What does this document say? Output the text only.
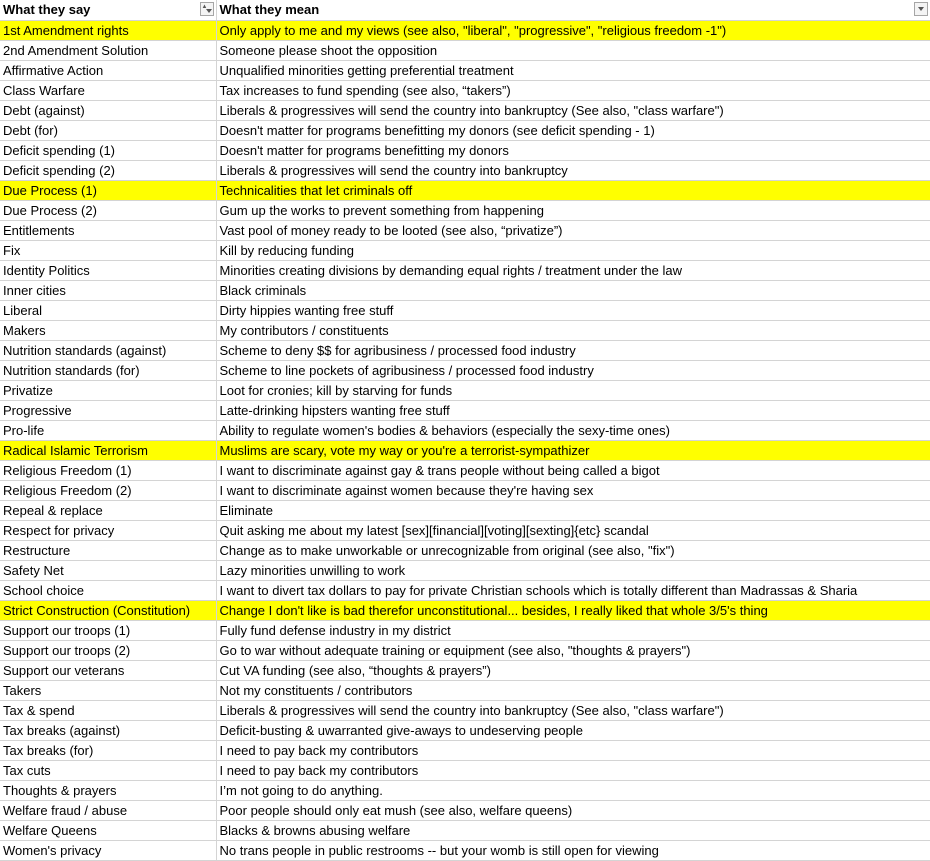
What they say ▲	What they mean

1st Amendment rights	Only apply to me and my views (see also, "liberal", "progressive", "religious freedom -1")
2nd Amendment Solution	Someone please shoot the opposition
Affirmative Action	Unqualified minorities getting preferential treatment
Class Warfare	Tax increases to fund spending (see also, “takers”)
Debt (against)	Liberals & progressives will send the country into bankruptcy (See also, "class warfare")
Debt (for)	Doesn't matter for programs benefitting my donors (see deficit spending - 1)
Deficit spending (1)	Doesn't matter for programs benefitting my donors
Deficit spending (2)	Liberals & progressives will send the country into bankruptcy
Due Process (1)	Technicalities that let criminals off
Due Process (2)	Gum up the works to prevent something from happening
Entitlements	Vast pool of money ready to be looted (see also, “privatize”)
Fix	Kill by reducing funding
Identity Politics	Minorities creating divisions by demanding equal rights / treatment under the law
Inner cities	Black criminals
Liberal	Dirty hippies wanting free stuff
Makers	My contributors / constituents
Nutrition standards (against)	Scheme to deny $$ for agribusiness / processed food industry
Nutrition standards (for)	Scheme to line pockets of agribusiness / processed food industry
Privatize	Loot for cronies; kill by starving for funds
Progressive	Latte-drinking hipsters wanting free stuff
Pro-life	Ability to regulate women's bodies & behaviors (especially the sexy-time ones)
Radical Islamic Terrorism	Muslims are scary, vote my way or you're a terrorist-sympathizer
Religious Freedom (1)	I want to discriminate against gay & trans people without being called a bigot
Religious Freedom (2)	I want to discriminate against women because they're having sex
Repeal & replace	Eliminate
Respect for privacy	Quit asking me about my latest [sex][financial][voting][sexting]{etc} scandal
Restructure	Change as to make unworkable or unrecognizable from original (see also, "fix")
Safety Net	Lazy minorities unwilling to work
School choice	I want to divert tax dollars to pay for private Christian schools which is totally different than Madrassas & Sharia
Strict Construction (Constitution)	Change I don't like is bad therefor unconstitutional... besides, I really liked that whole 3/5's thing
Support our troops (1)	Fully fund defense industry in my district
Support our troops (2)	Go to war without adequate training or equipment (see also, "thoughts & prayers")
Support our veterans	Cut VA funding (see also, “thoughts & prayers”)
Takers	Not my constituents / contributors
Tax & spend	Liberals & progressives will send the country into bankruptcy (See also, "class warfare")
Tax breaks (against)	Deficit-busting & uwarranted give-aways to undeserving people
Tax breaks (for)	I need to pay back my contributors
Tax cuts	I need to pay back my contributors
Thoughts & prayers	I’m not going to do anything.
Welfare fraud / abuse	Poor people should only eat mush (see also, welfare queens)
Welfare Queens	Blacks & browns abusing welfare
Women's privacy	No trans people in public restrooms -- but your womb is still open for viewing
